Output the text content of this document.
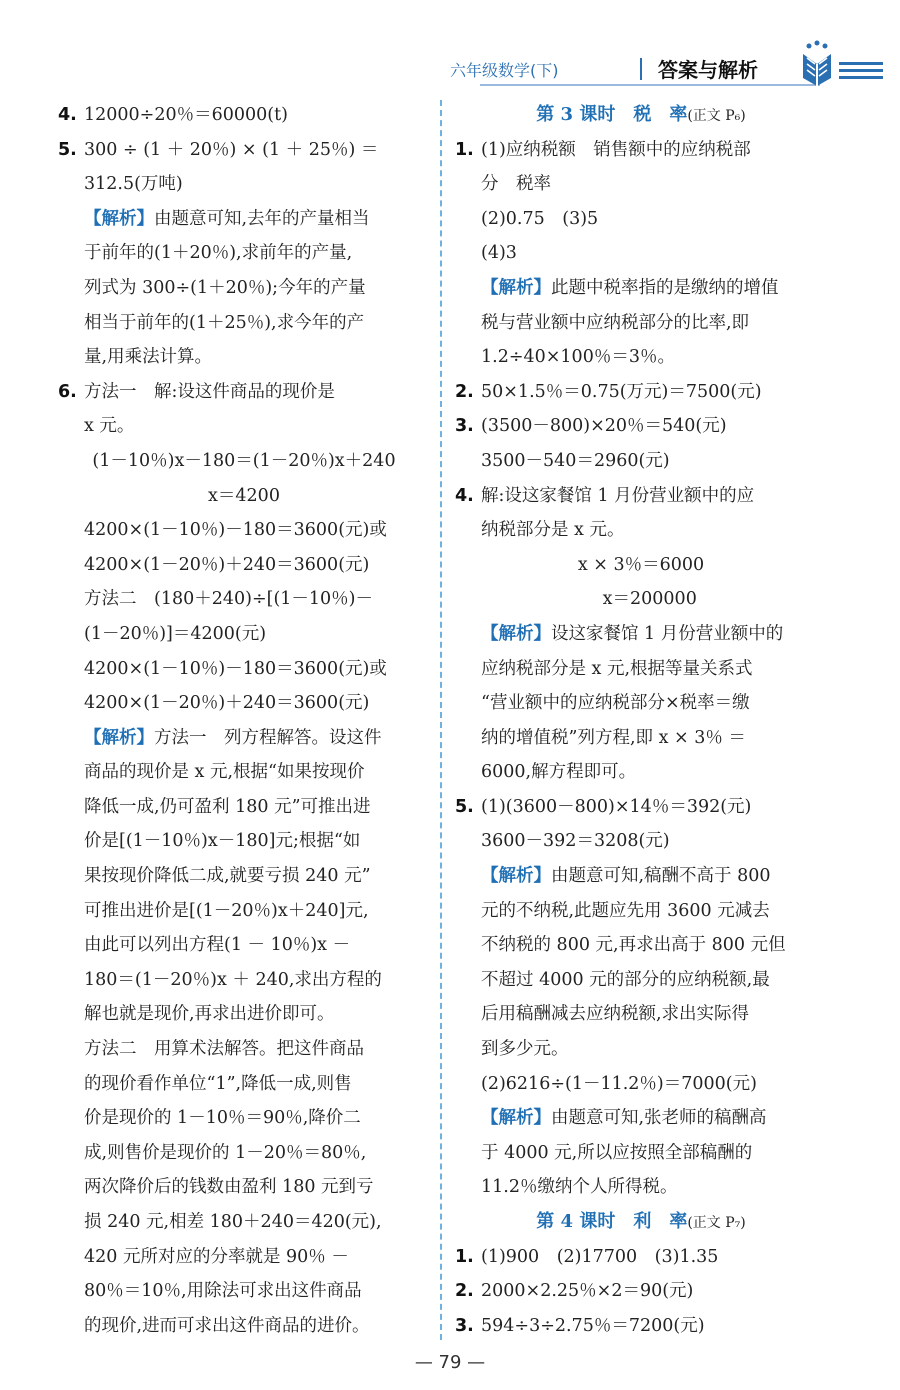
六年级数学(下)	答案与解析
4. 12000÷20％＝60000(t)
5. 300 ÷ (1 ＋ 20％) × (1 ＋ 25％) ＝
312.5(万吨)
【解析】由题意可知,去年的产量相当
于前年的(1＋20％),求前年的产量,
列式为 300÷(1＋20％);今年的产量
相当于前年的(1＋25％),求今年的产
量,用乘法计算。
6. 方法一　解:设这件商品的现价是
x 元。
(1－10％)x－180＝(1－20％)x＋240
x＝4200
4200×(1－10％)－180＝3600(元)或
4200×(1－20％)＋240＝3600(元)
方法二　(180＋240)÷[(1－10％)－
(1－20％)]＝4200(元)
4200×(1－10％)－180＝3600(元)或
4200×(1－20％)＋240＝3600(元)
【解析】方法一　列方程解答。设这件
商品的现价是 x 元,根据“如果按现价
降低一成,仍可盈利 180 元”可推出进
价是[(1－10％)x－180]元;根据“如
果按现价降低二成,就要亏损 240 元”
可推出进价是[(1－20％)x＋240]元,
由此可以列出方程(1 － 10％)x －
180＝(1－20％)x ＋ 240,求出方程的
解也就是现价,再求出进价即可。
方法二　用算术法解答。把这件商品
的现价看作单位“1”,降低一成,则售
价是现价的 1－10％＝90％,降价二
成,则售价是现价的 1－20％＝80％,
两次降价后的钱数由盈利 180 元到亏
损 240 元,相差 180＋240＝420(元),
420 元所对应的分率就是 90％ －
80％＝10％,用除法可求出这件商品
的现价,进而可求出这件商品的进价。
第 3 课时　税　率(正文 P₆)
1. (1)应纳税额　销售额中的应纳税部
分　税率
(2)0.75　(3)5
(4)3
【解析】此题中税率指的是缴纳的增值
税与营业额中应纳税部分的比率,即
1.2÷40×100％＝3％。
2. 50×1.5％＝0.75(万元)＝7500(元)
3. (3500－800)×20％＝540(元)
3500－540＝2960(元)
4. 解:设这家餐馆 1 月份营业额中的应
纳税部分是 x 元。
x × 3％＝6000
　x＝200000
【解析】设这家餐馆 1 月份营业额中的
应纳税部分是 x 元,根据等量关系式
“营业额中的应纳税部分×税率＝缴
纳的增值税”列方程,即 x × 3％ ＝
6000,解方程即可。
5. (1)(3600－800)×14％＝392(元)
3600－392＝3208(元)
【解析】由题意可知,稿酬不高于 800
元的不纳税,此题应先用 3600 元减去
不纳税的 800 元,再求出高于 800 元但
不超过 4000 元的部分的应纳税额,最
后用稿酬减去应纳税额,求出实际得
到多少元。
(2)6216÷(1－11.2％)＝7000(元)
【解析】由题意可知,张老师的稿酬高
于 4000 元,所以应按照全部稿酬的
11.2％缴纳个人所得税。
第 4 课时　利　率(正文 P₇)
1. (1)900　(2)17700　(3)1.35
2. 2000×2.25％×2＝90(元)
3. 594÷3÷2.75％＝7200(元)
— 79 —
